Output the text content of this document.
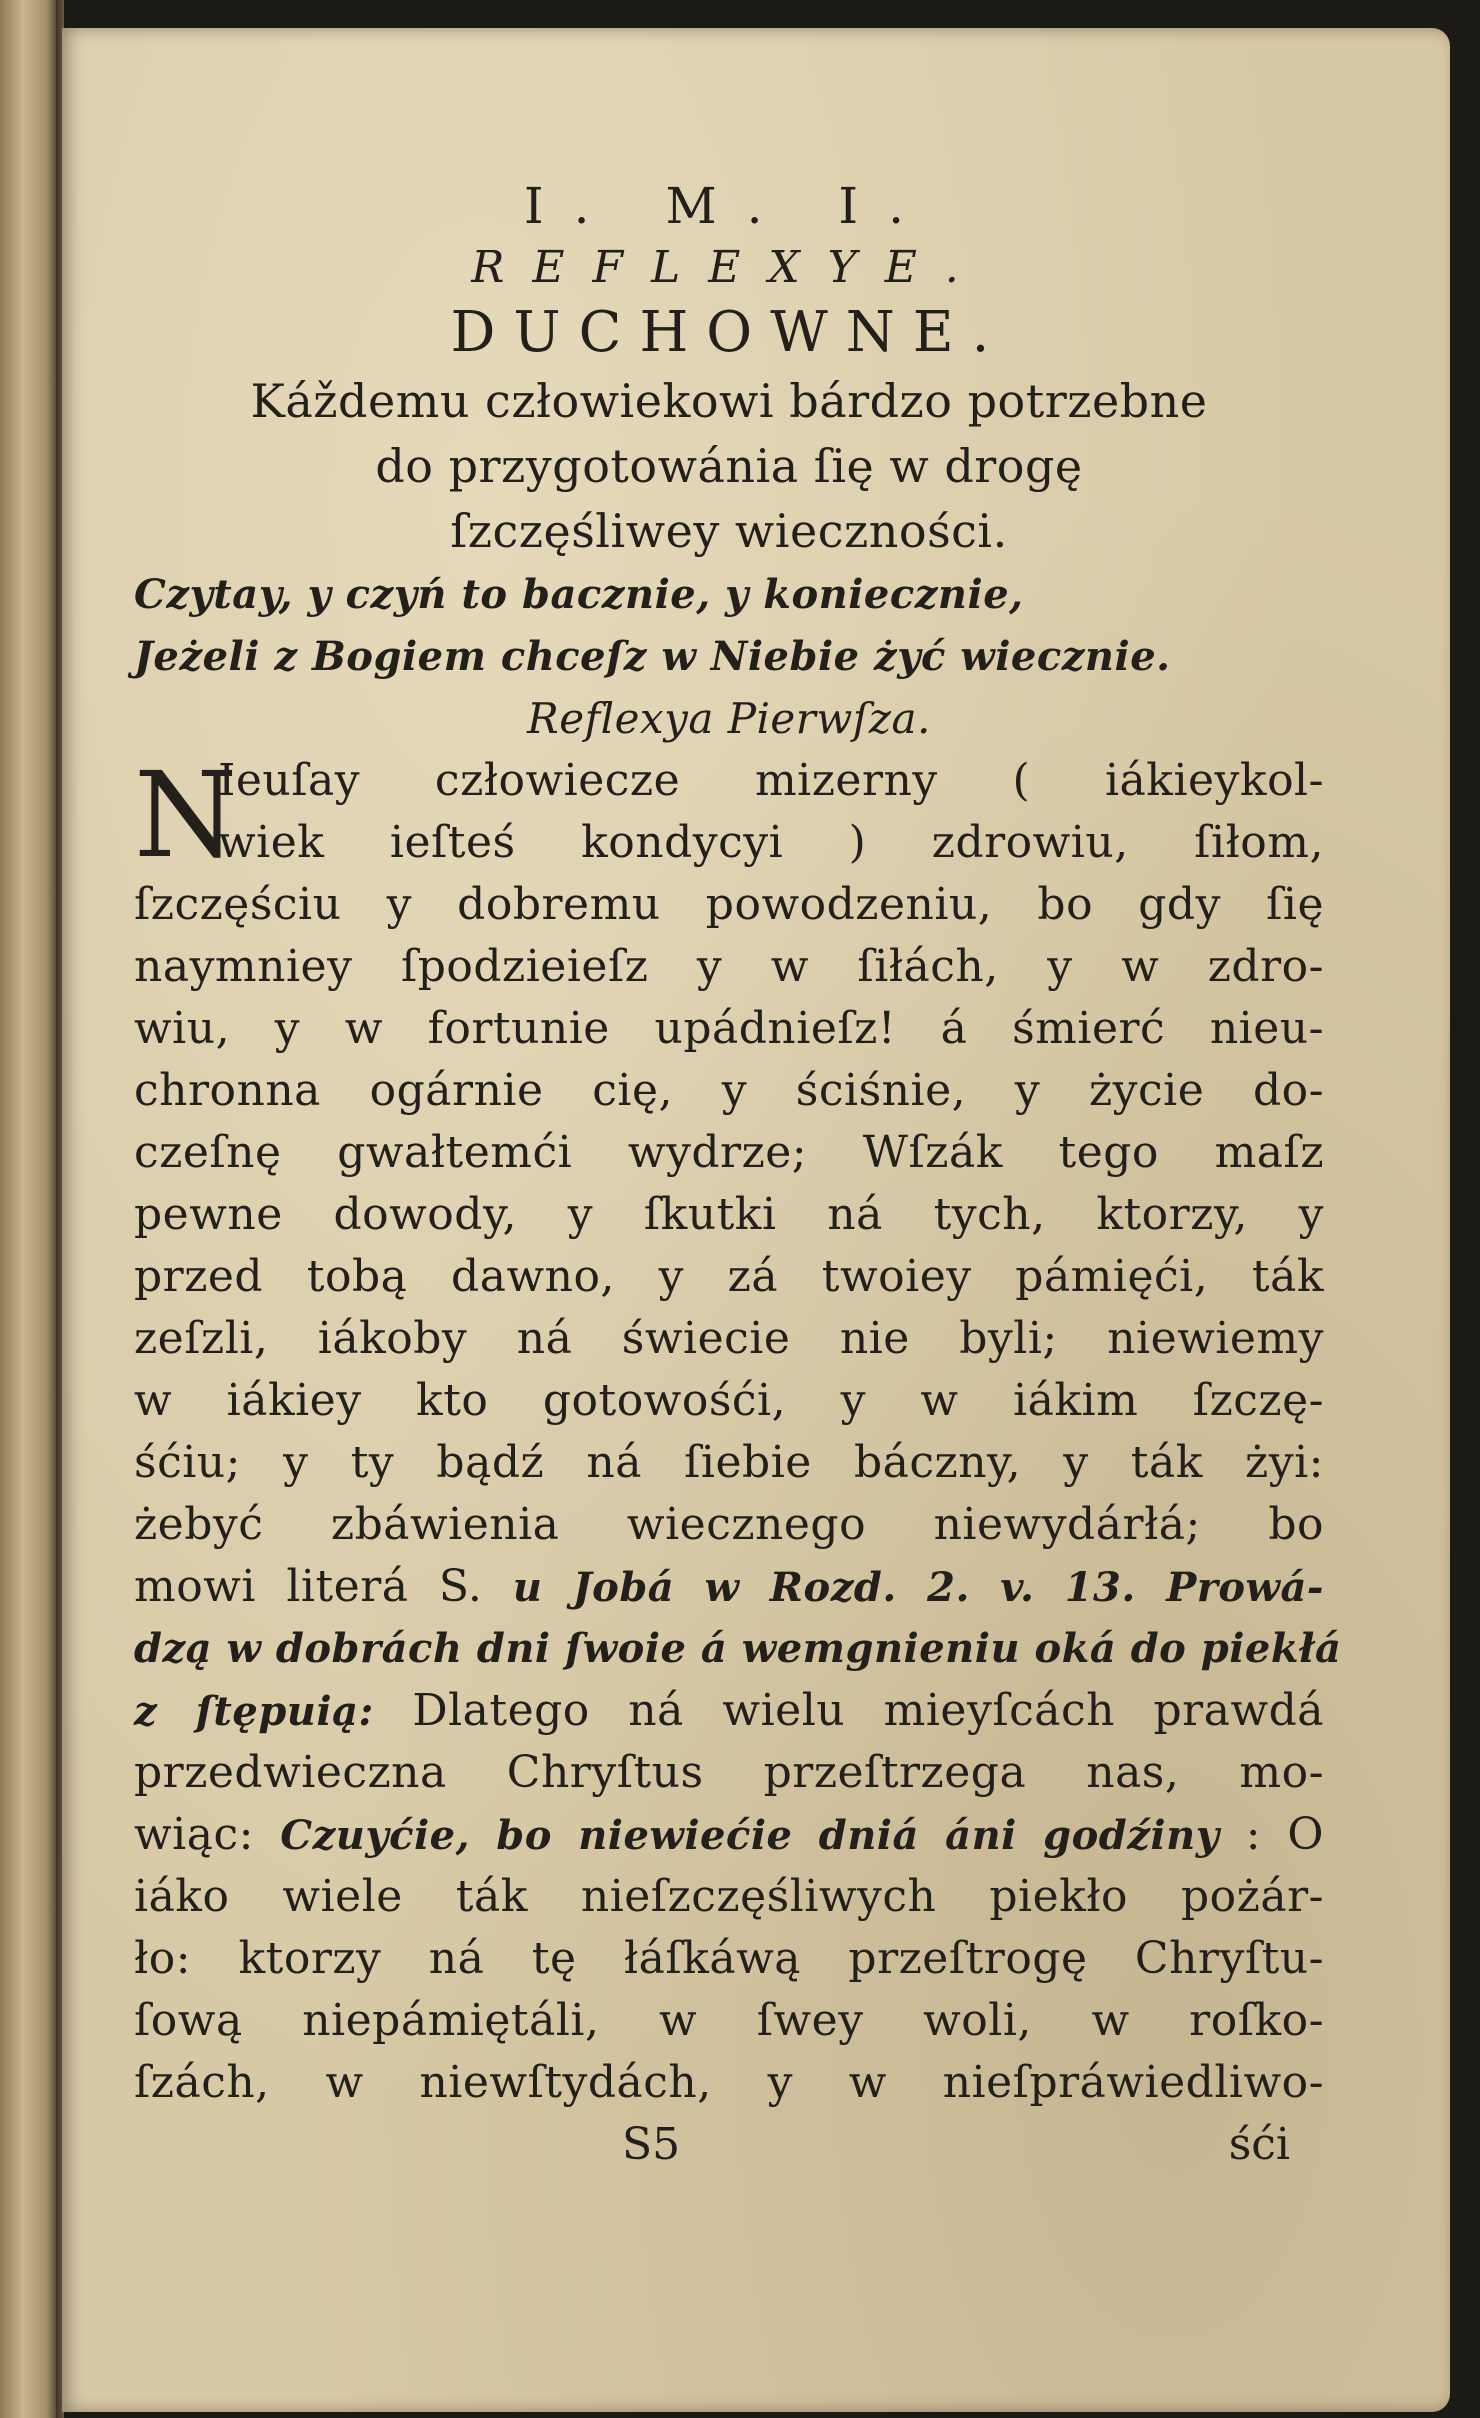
I. M. I.
REFLEXYE.
DUCHOWNE.
Káždemu człowiekowi bárdzo potrzebne
do przygotowánia ſię w drogę
ſzczęśliwey wieczności.
Czytay, y czyń to bacznie, y koniecznie,
Jeżeli z Bogiem chceſz w Niebie żyć wiecznie.
Reflexya Pierwſza.
N
Ieuſay człowiecze mizerny ( iákieykol-
wiek ieſteś kondycyi ) zdrowiu, ſiłom,
ſzczęściu y dobremu powodzeniu, bo gdy ſię
naymniey ſpodzieieſz y w ſiłách, y w zdro-
wiu, y w fortunie upádnieſz! á śmierć nieu-
chronna ogárnie cię, y ściśnie, y życie do-
czeſnę gwałtemći wydrze; Wſzák tego maſz
pewne dowody, y ſkutki ná tych, ktorzy, y
przed tobą dawno, y zá twoiey pámięći, ták
zeſzli, iákoby ná świecie nie byli; niewiemy
w iákiey kto gotowośći, y w iákim ſzczę-
śćiu; y ty bądź ná ſiebie báczny, y ták żyi:
żebyć zbáwienia wiecznego niewydárłá; bo
mowi literá S. u Jobá w Rozd. 2. v. 13. Prowá-
dzą w dobrách dni ſwoie á wemgnieniu oká do piekłá
z ſtępuią: Dlatego ná wielu mieyſcách prawdá
przedwieczna Chryſtus przeſtrzega nas, mo-
wiąc: Czuyćie, bo niewiećie dniá áni godźiny : O
iáko wiele ták nieſzczęśliwych piekło pożár-
ło: ktorzy ná tę łáſkáwą przeſtrogę Chryſtu-
ſową niepámiętáli, w ſwey woli, w roſko-
ſzách, w niewſtydách, y w nieſpráwiedliwo-
S5	śći
